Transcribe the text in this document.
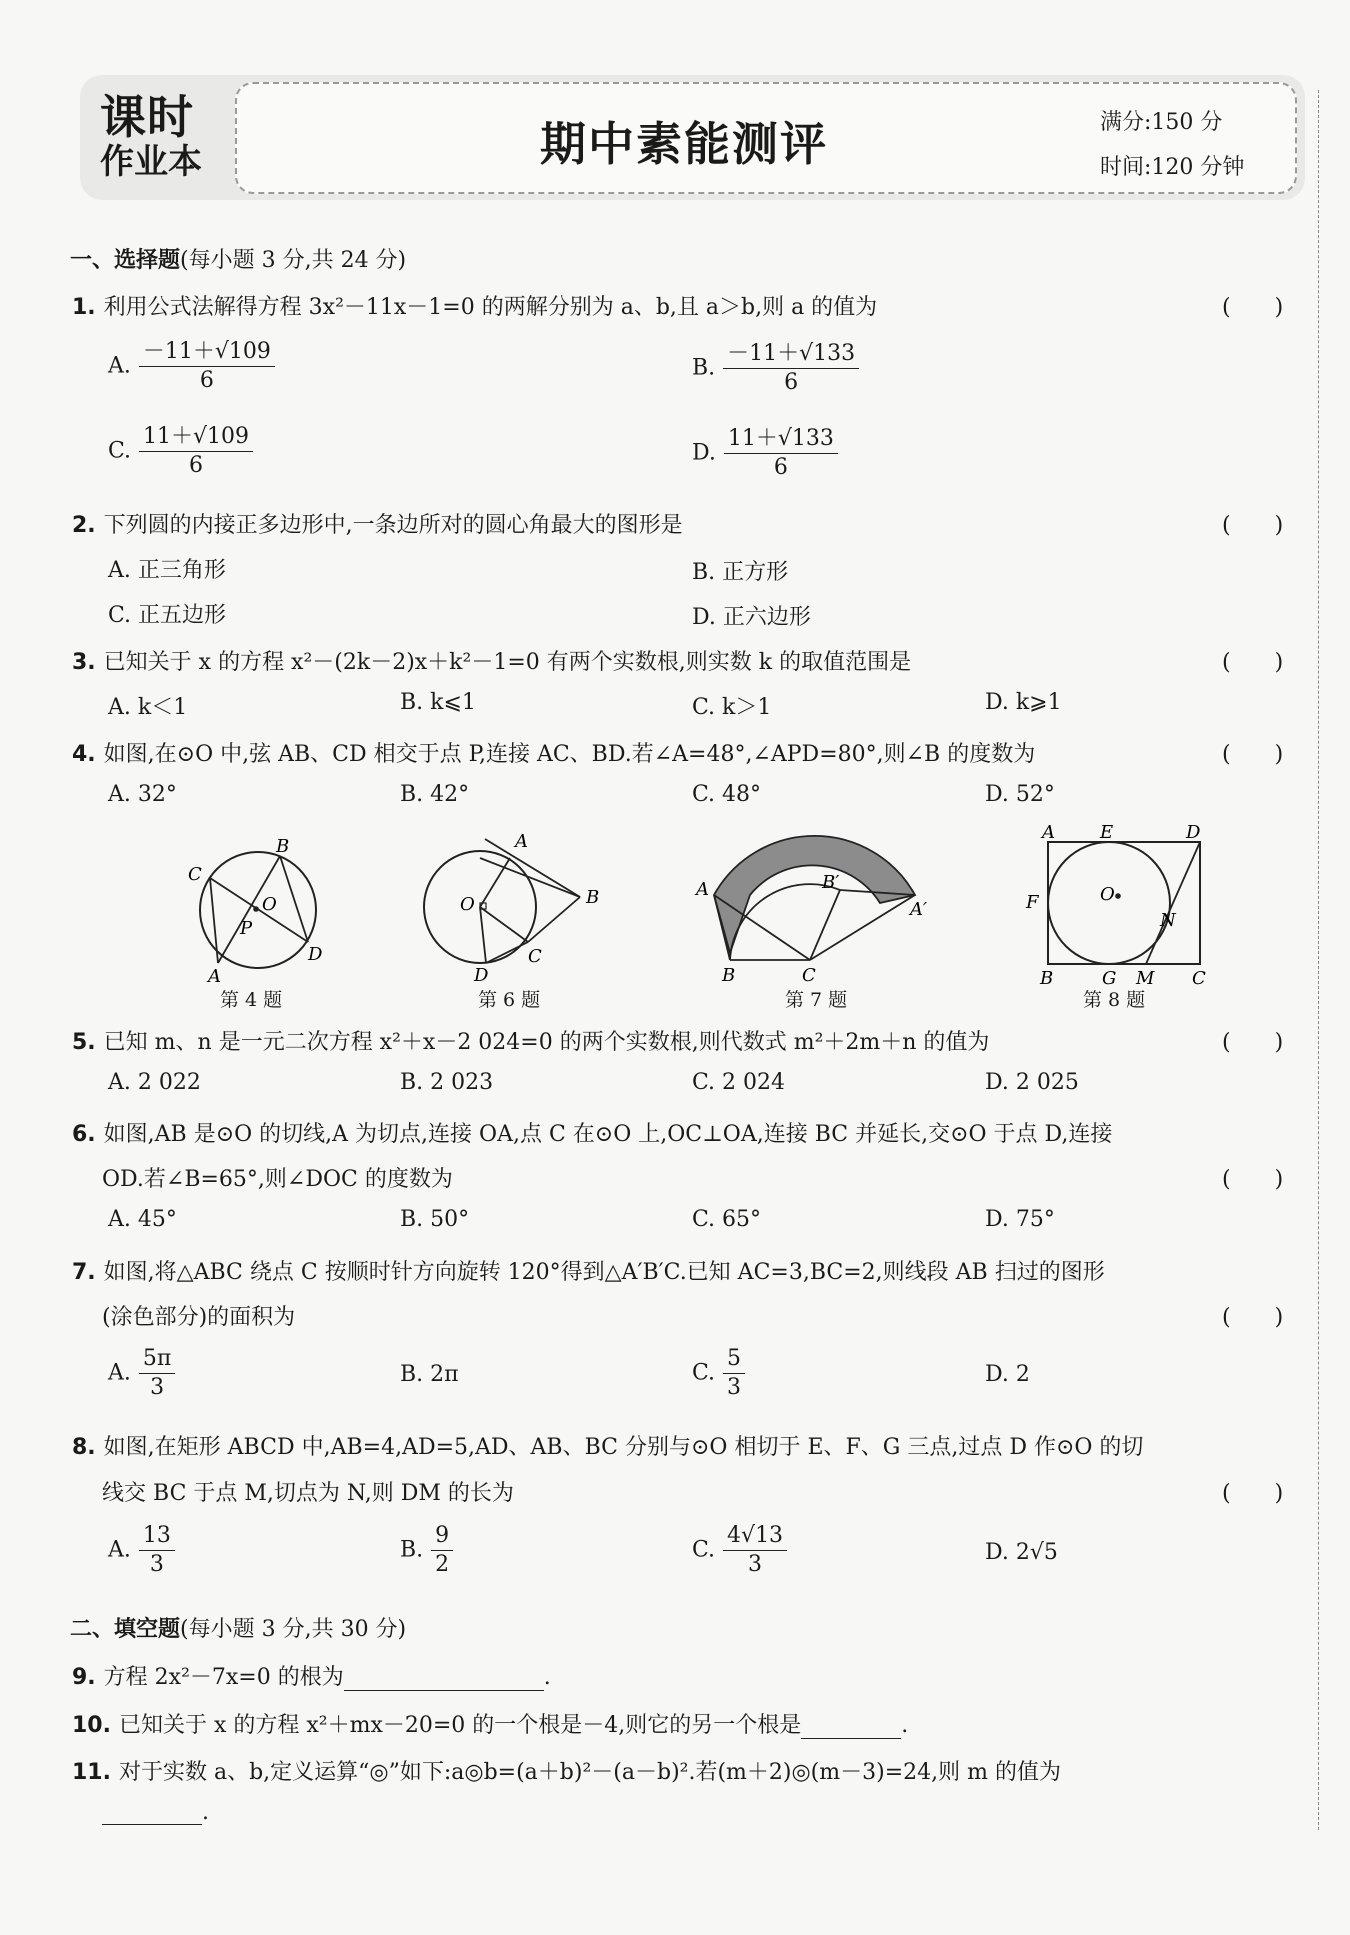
课时
作业本	期中素能测评	满分:150 分
时间:120 分钟
一、选择题(每小题 3 分,共 24 分)
1. 利用公式法解得方程 3x²－11x－1=0 的两解分别为 a、b,且 a＞b,则 a 的值为	(　　)
A. $\frac{-11+√109}{6}$	B. $\frac{-11+√133}{6}$
C. $\frac{11+√109}{6}$	D. $\frac{11+√133}{6}$
2. 下列圆的内接正多边形中,一条边所对的圆心角最大的图形是	(　　)
A. 正三角形	B. 正方形
C. 正五边形	D. 正六边形
3. 已知关于 x 的方程 x²－(2k－2)x＋k²－1=0 有两个实数根,则实数 k 的取值范围是	(　　)
A. k＜1	B. k⩽1	C. k＞1	D. k⩾1
4. 如图,在⊙O 中,弦 AB、CD 相交于点 P,连接 AC、BD.若∠A=48°,∠APD=80°,则∠B 的度数为	(　　)
A. 32°	B. 42°	C. 48°	D. 52°
B
C
O
P
A
D
第 4 题
A
O	B
C
D
第 6 题
A	B′
A′
B	C
第 7 题
A	E	D
F	O
N
B	G M C
第 8 题
5. 已知 m、n 是一元二次方程 x²＋x－2 024=0 的两个实数根,则代数式 m²＋2m＋n 的值为	(　　)
A. 2 022	B. 2 023	C. 2 024	D. 2 025
6. 如图,AB 是⊙O 的切线,A 为切点,连接 OA,点 C 在⊙O 上,OC⊥OA,连接 BC 并延长,交⊙O 于点 D,连接
OD.若∠B=65°,则∠DOC 的度数为	(　　)
A. 45°	B. 50°	C. 65°	D. 75°
7. 如图,将△ABC 绕点 C 按顺时针方向旋转 120°得到△A′B′C.已知 AC=3,BC=2,则线段 AB 扫过的图形
(涂色部分)的面积为	(　　)
A. $\frac{5\pi}{3}$	B. 2π	C. $\frac{5}{3}$	D. 2
8. 如图,在矩形 ABCD 中,AB=4,AD=5,AD、AB、BC 分别与⊙O 相切于 E、F、G 三点,过点 D 作⊙O 的切
线交 BC 于点 M,切点为 N,则 DM 的长为	(　　)
A. $\frac{13}{3}$	B. $\frac{9}{2}$	C. $\frac{4√13}{3}$	D. 2√5
二、填空题(每小题 3 分,共 30 分)
9. 方程 2x²－7x=0 的根为	.
10. 已知关于 x 的方程 x²＋mx－20=0 的一个根是－4,则它的另一个根是	.
11. 对于实数 a、b,定义运算“◎”如下:a◎b=(a＋b)²－(a－b)².若(m＋2)◎(m－3)=24,则 m 的值为
.
